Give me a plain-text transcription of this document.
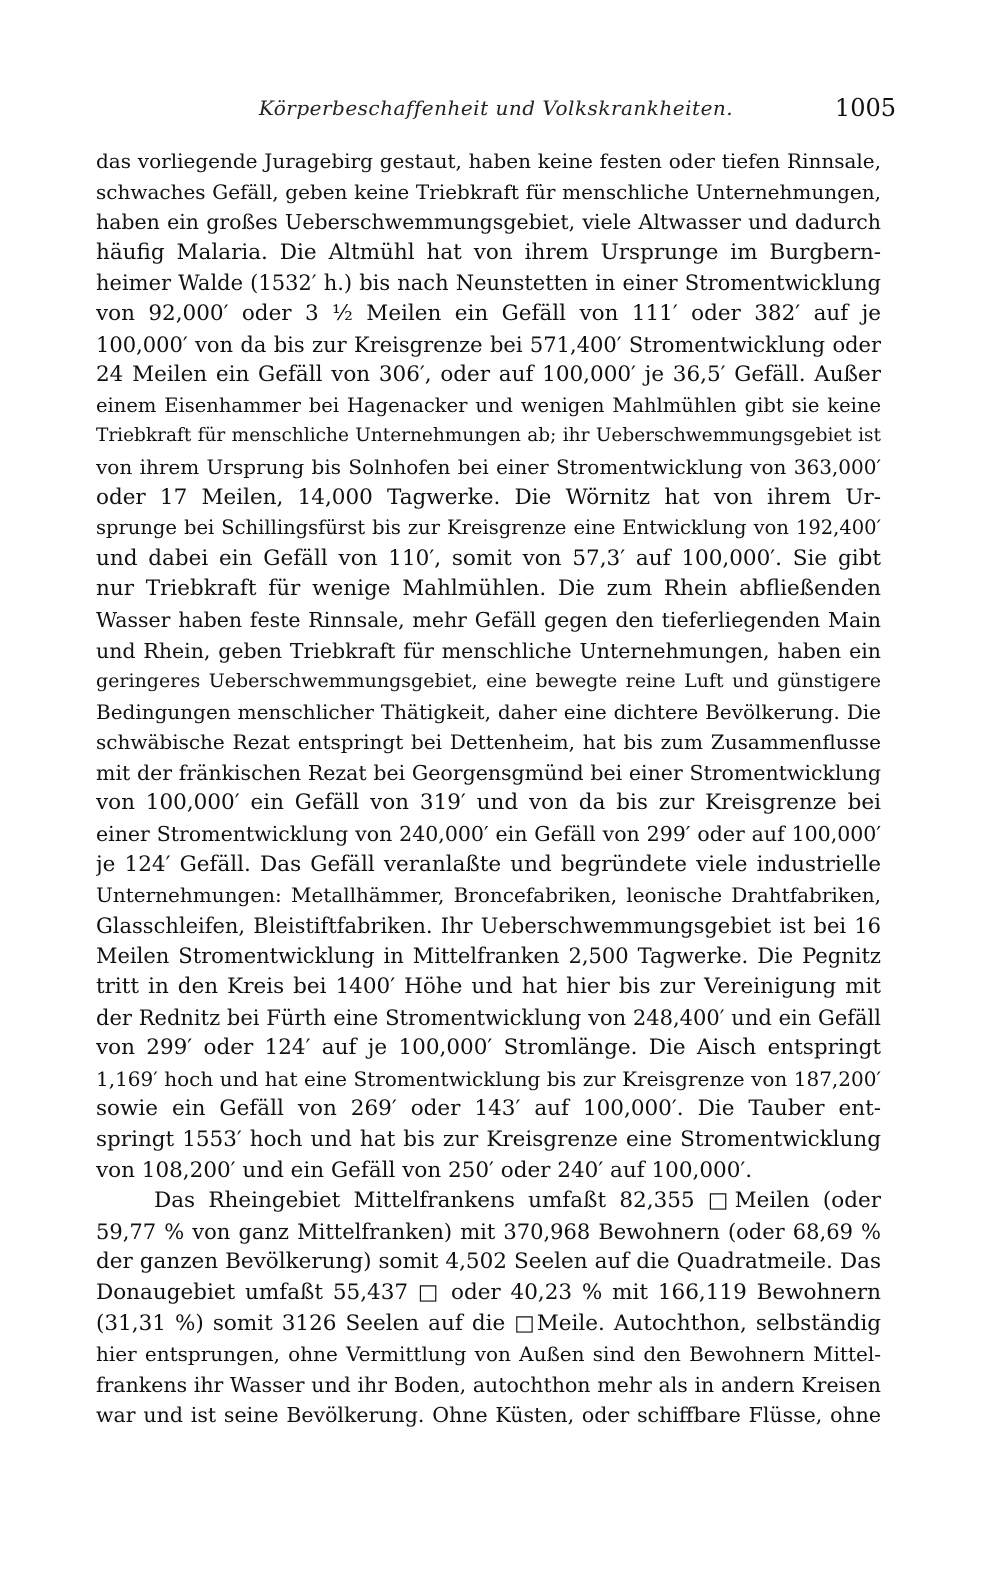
Körperbeschaffenheit und Volkskrankheiten.	1005
das vorliegende Juragebirg gestaut, haben keine festen oder tiefen Rinnsale,
schwaches Gefäll, geben keine Triebkraft für menschliche Unternehmungen,
haben ein großes Ueberschwemmungsgebiet, viele Altwasser und dadurch
häufig Malaria. Die Altmühl hat von ihrem Ursprunge im Burgbern-
heimer Walde (1532′ h.) bis nach Neunstetten in einer Stromentwicklung
von 92,000′ oder 3 ½ Meilen ein Gefäll von 111′ oder 382′ auf je
100,000′ von da bis zur Kreisgrenze bei 571,400′ Stromentwicklung oder
24 Meilen ein Gefäll von 306′, oder auf 100,000′ je 36,5′ Gefäll. Außer
einem Eisenhammer bei Hagenacker und wenigen Mahlmühlen gibt sie keine
Triebkraft für menschliche Unternehmungen ab; ihr Ueberschwemmungsgebiet ist
von ihrem Ursprung bis Solnhofen bei einer Stromentwicklung von 363,000′
oder 17 Meilen, 14,000 Tagwerke. Die Wörnitz hat von ihrem Ur-
sprunge bei Schillingsfürst bis zur Kreisgrenze eine Entwicklung von 192,400′
und dabei ein Gefäll von 110′, somit von 57,3′ auf 100,000′. Sie gibt
nur Triebkraft für wenige Mahlmühlen. Die zum Rhein abfließenden
Wasser haben feste Rinnsale, mehr Gefäll gegen den tieferliegenden Main
und Rhein, geben Triebkraft für menschliche Unternehmungen, haben ein
geringeres Ueberschwemmungsgebiet, eine bewegte reine Luft und günstigere
Bedingungen menschlicher Thätigkeit, daher eine dichtere Bevölkerung. Die
schwäbische Rezat entspringt bei Dettenheim, hat bis zum Zusammenflusse
mit der fränkischen Rezat bei Georgensgmünd bei einer Stromentwicklung
von 100,000′ ein Gefäll von 319′ und von da bis zur Kreisgrenze bei
einer Stromentwicklung von 240,000′ ein Gefäll von 299′ oder auf 100,000′
je 124′ Gefäll. Das Gefäll veranlaßte und begründete viele industrielle
Unternehmungen: Metallhämmer, Broncefabriken, leonische Drahtfabriken,
Glasschleifen, Bleistiftfabriken. Ihr Ueberschwemmungsgebiet ist bei 16
Meilen Stromentwicklung in Mittelfranken 2,500 Tagwerke. Die Pegnitz
tritt in den Kreis bei 1400′ Höhe und hat hier bis zur Vereinigung mit
der Rednitz bei Fürth eine Stromentwicklung von 248,400′ und ein Gefäll
von 299′ oder 124′ auf je 100,000′ Stromlänge. Die Aisch entspringt
1,169′ hoch und hat eine Stromentwicklung bis zur Kreisgrenze von 187,200′
sowie ein Gefäll von 269′ oder 143′ auf 100,000′. Die Tauber ent-
springt 1553′ hoch und hat bis zur Kreisgrenze eine Stromentwicklung
von 108,200′ und ein Gefäll von 250′ oder 240′ auf 100,000′.
Das Rheingebiet Mittelfrankens umfaßt 82,355 □Meilen (oder
59,77 % von ganz Mittelfranken) mit 370,968 Bewohnern (oder 68,69 %
der ganzen Bevölkerung) somit 4,502 Seelen auf die Quadratmeile. Das
Donaugebiet umfaßt 55,437 □ oder 40,23 % mit 166,119 Bewohnern
(31,31 %) somit 3126 Seelen auf die □Meile. Autochthon, selbständig
hier entsprungen, ohne Vermittlung von Außen sind den Bewohnern Mittel-
frankens ihr Wasser und ihr Boden, autochthon mehr als in andern Kreisen
war und ist seine Bevölkerung. Ohne Küsten, oder schiffbare Flüsse, ohne
